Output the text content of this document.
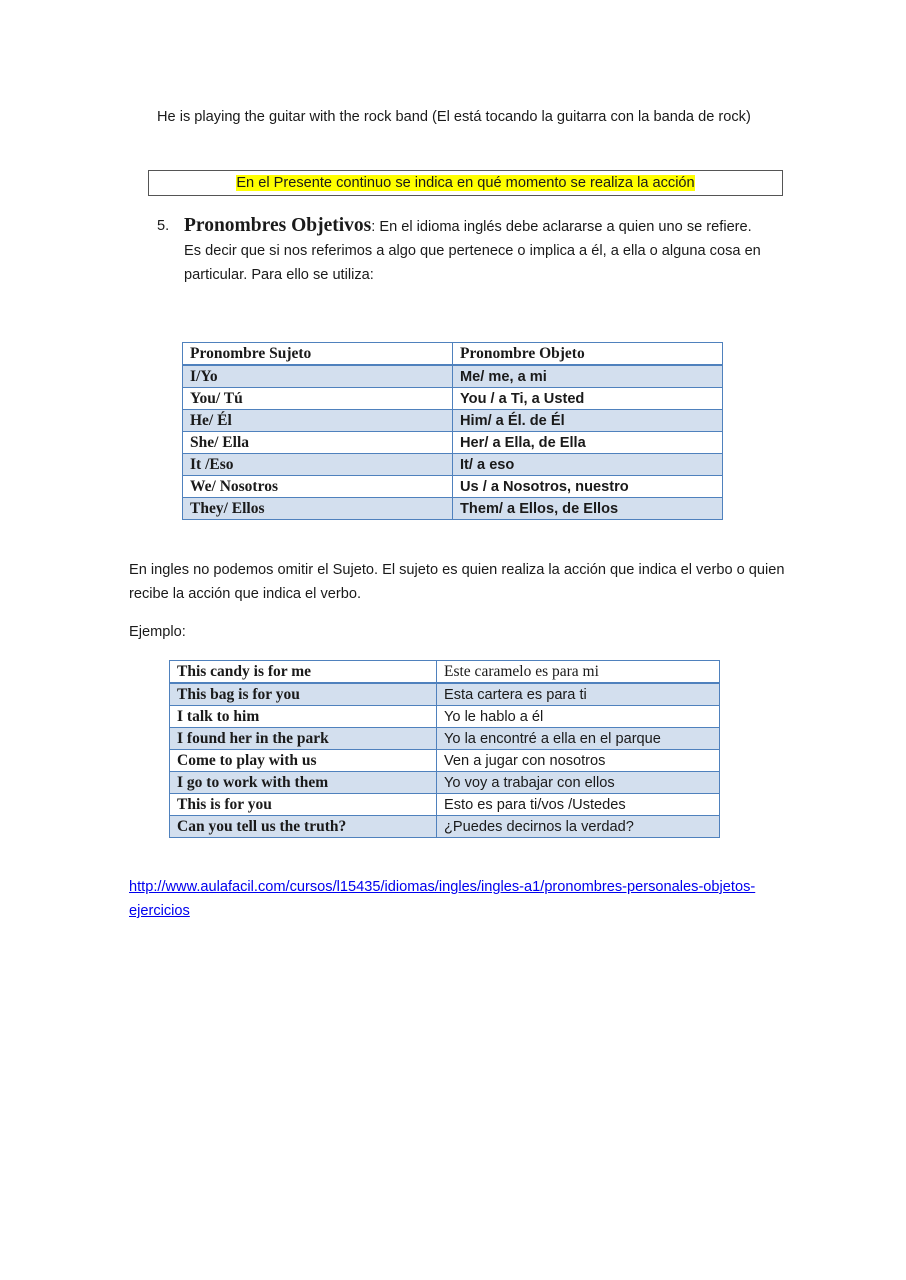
He is playing the guitar with the rock band (El está tocando la guitarra con la banda de rock)
En el Presente continuo se indica en qué momento se realiza la acción
5. Pronombres Objetivos: En el idioma inglés debe aclararse a quien uno se refiere. Es decir que si nos referimos a algo que pertenece o implica a él, a ella o alguna cosa en particular. Para ello se utiliza:
Pronombre Sujeto	Pronombre Objeto
I/Yo	Me/ me, a mi
You/ Tú	You / a Ti, a Usted
He/ Él	Him/ a Él. de Él
She/ Ella	Her/ a Ella, de Ella
It /Eso	It/ a eso
We/ Nosotros	Us / a Nosotros, nuestro
They/ Ellos	Them/ a Ellos, de Ellos
En ingles no podemos omitir el Sujeto. El sujeto es quien realiza la acción que indica el verbo o quien recibe la acción que indica el verbo.
Ejemplo:
This candy is for me	Este caramelo es para mi
This bag is for you	Esta cartera es para ti
I talk to him	Yo le hablo a él
I found her in the park	Yo la encontré a ella en el parque
Come to play with us	Ven a jugar con nosotros
I go to work with them	Yo voy a trabajar con ellos
This is for you	Esto es para ti/vos /Ustedes
Can you tell us the truth?	¿Puedes decirnos la verdad?
http://www.aulafacil.com/cursos/l15435/idiomas/ingles/ingles-a1/pronombres-personales-objetos-ejercicios
